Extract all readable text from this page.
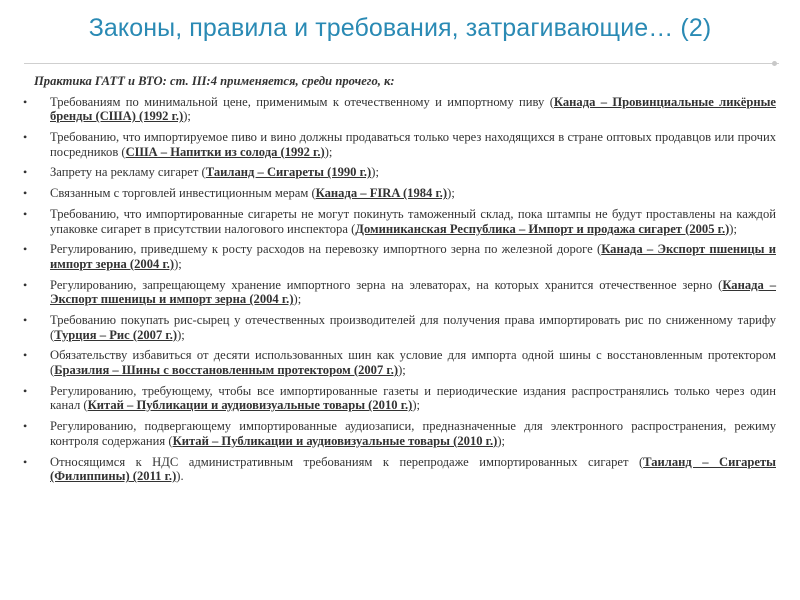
Законы, правила и требования, затрагивающие… (2)
Практика ГАТТ и ВТО: ст. III:4 применяется, среди прочего, к:
• Требованиям по минимальной цене, применимым к отечественному и импортному пиву (Канада – Провинциальные ликёрные бренды (США) (1992 г.));
• Требованию, что импортируемое пиво и вино должны продаваться только через находящихся в стране оптовых продавцов или прочих посредников (США – Напитки из солода (1992 г.));
• Запрету на рекламу сигарет (Таиланд – Сигареты (1990 г.));
• Связанным с торговлей инвестиционным мерам (Канада – FIRA (1984 г.));
• Требованию, что импортированные сигареты не могут покинуть таможенный склад, пока штампы не будут проставлены на каждой упаковке сигарет в присутствии налогового инспектора (Доминиканская Республика – Импорт и продажа сигарет (2005 г.));
• Регулированию, приведшему к росту расходов на перевозку импортного зерна по железной дороге (Канада – Экспорт пшеницы и импорт зерна (2004 г.));
• Регулированию, запрещающему хранение импортного зерна на элеваторах, на которых хранится отечественное зерно (Канада – Экспорт пшеницы и импорт зерна (2004 г.));
• Требованию покупать рис-сырец у отечественных производителей для получения права импортировать рис по сниженному тарифу (Турция – Рис (2007 г.));
• Обязательству избавиться от десяти использованных шин как условие для импорта одной шины с восстановленным протектором (Бразилия – Шины с восстановленным протектором (2007 г.));
• Регулированию, требующему, чтобы все импортированные газеты и периодические издания распространялись только через один канал (Китай – Публикации и аудиовизуальные товары (2010 г.));
• Регулированию, подвергающему импортированные аудиозаписи, предназначенные для электронного распространения, режиму контроля содержания (Китай – Публикации и аудиовизуальные товары (2010 г.));
• Относящимся к НДС административным требованиям к перепродаже импортированных сигарет (Таиланд – Сигареты (Филиппины) (2011 г.)).
